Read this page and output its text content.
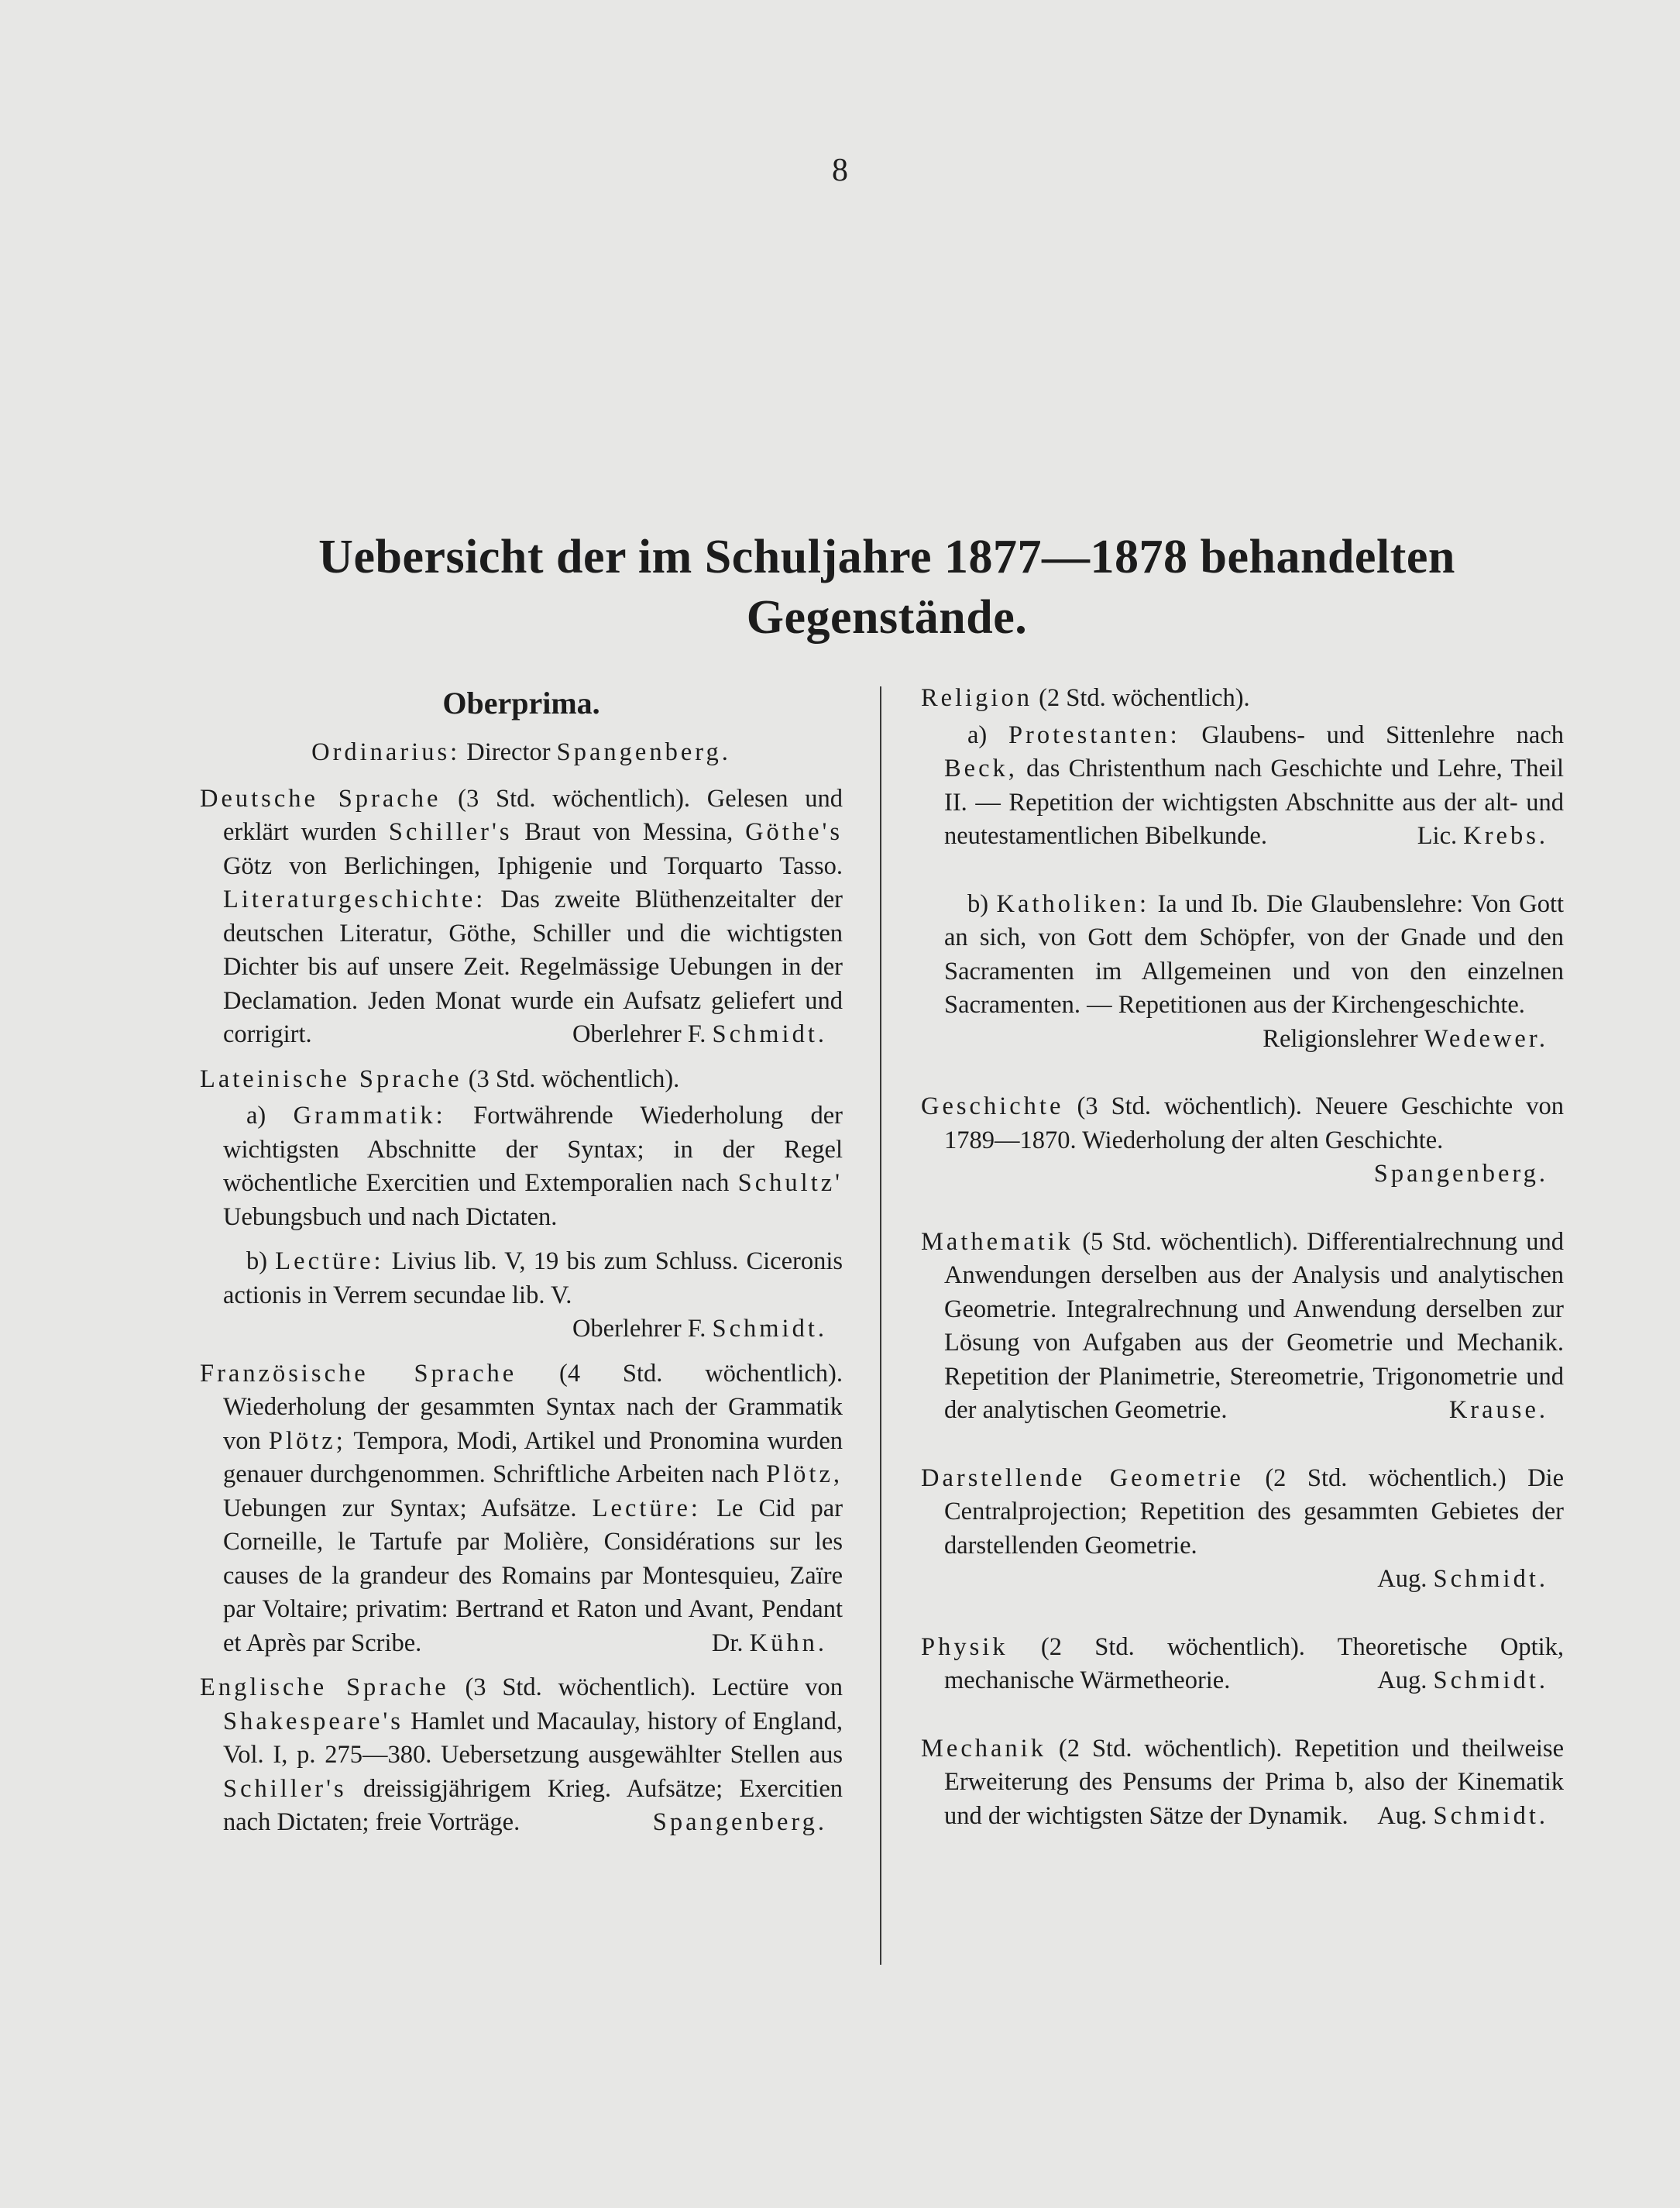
8
Uebersicht der im Schuljahre 1877—1878 behandelten
Gegenstände.
Oberprima.
Ordinarius: Director Spangenberg.
Deutsche Sprache (3 Std. wöchentlich). Gelesen und erklärt wurden Schiller's Braut von Messina, Göthe's Götz von Berlichingen, Iphigenie und Torquarto Tasso. Literaturgeschichte: Das zweite Blüthenzeitalter der deutschen Literatur, Göthe, Schiller und die wichtigsten Dichter bis auf unsere Zeit. Regelmässige Uebungen in der Declamation. Jeden Monat wurde ein Aufsatz geliefert und corrigirt.	Oberlehrer F. Schmidt.
Lateinische Sprache (3 Std. wöchentlich).
a) Grammatik: Fortwährende Wiederholung der wichtigsten Abschnitte der Syntax; in der Regel wöchentliche Exercitien und Extemporalien nach Schultz' Uebungsbuch und nach Dictaten.
b) Lectüre: Livius lib. V, 19 bis zum Schluss. Ciceronis actionis in Verrem secundae lib. V.
Oberlehrer F. Schmidt.
Französische Sprache (4 Std. wöchentlich). Wiederholung der gesammten Syntax nach der Grammatik von Plötz; Tempora, Modi, Artikel und Pronomina wurden genauer durchgenommen. Schriftliche Arbeiten nach Plötz, Uebungen zur Syntax; Aufsätze. Lectüre: Le Cid par Corneille, le Tartufe par Molière, Considérations sur les causes de la grandeur des Romains par Montesquieu, Zaïre par Voltaire; privatim: Bertrand et Raton und Avant, Pendant et Après par Scribe.	Dr. Kühn.
Englische Sprache (3 Std. wöchentlich). Lectüre von Shakespeare's Hamlet und Macaulay, history of England, Vol. I, p. 275—380. Uebersetzung ausgewählter Stellen aus Schiller's dreissigjährigem Krieg. Aufsätze; Exercitien nach Dictaten; freie Vorträge.	Spangenberg.
Religion (2 Std. wöchentlich).
a) Protestanten: Glaubens- und Sittenlehre nach Beck, das Christenthum nach Geschichte und Lehre, Theil II. — Repetition der wichtigsten Abschnitte aus der alt- und neutestamentlichen Bibelkunde.	Lic. Krebs.
b) Katholiken: Ia und Ib. Die Glaubenslehre: Von Gott an sich, von Gott dem Schöpfer, von der Gnade und den Sacramenten im Allgemeinen und von den einzelnen Sacramenten. — Repetitionen aus der Kirchengeschichte.
Religionslehrer Wedewer.
Geschichte (3 Std. wöchentlich). Neuere Geschichte von 1789—1870. Wiederholung der alten Geschichte.
Spangenberg.
Mathematik (5 Std. wöchentlich). Differentialrechnung und Anwendungen derselben aus der Analysis und analytischen Geometrie. Integralrechnung und Anwendung derselben zur Lösung von Aufgaben aus der Geometrie und Mechanik. Repetition der Planimetrie, Stereometrie, Trigonometrie und der analytischen Geometrie.	Krause.
Darstellende Geometrie (2 Std. wöchentlich.) Die Centralprojection; Repetition des gesammten Gebietes der darstellenden Geometrie.
Aug. Schmidt.
Physik (2 Std. wöchentlich). Theoretische Optik, mechanische Wärmetheorie.	Aug. Schmidt.
Mechanik (2 Std. wöchentlich). Repetition und theilweise Erweiterung des Pensums der Prima b, also der Kinematik und der wichtigsten Sätze der Dynamik. Aug. Schmidt.
